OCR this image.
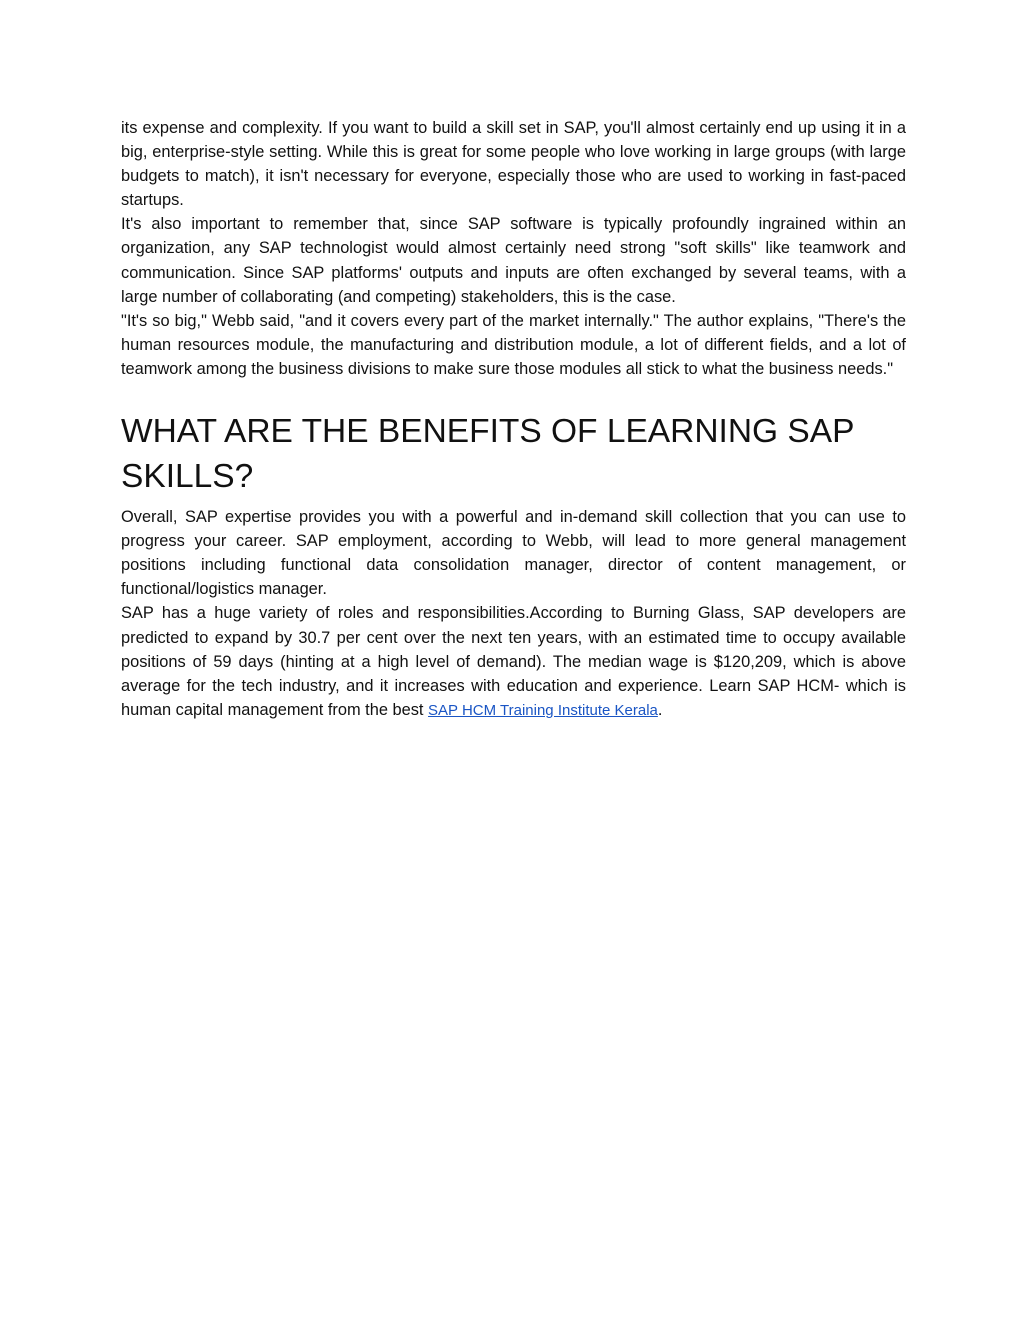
its expense and complexity. If you want to build a skill set in SAP, you'll almost certainly end up using it in a big, enterprise-style setting. While this is great for some people who love working in large groups (with large budgets to match), it isn't necessary for everyone, especially those who are used to working in fast-paced startups.

It's also important to remember that, since SAP software is typically profoundly ingrained within an organization, any SAP technologist would almost certainly need strong "soft skills" like teamwork and communication. Since SAP platforms' outputs and inputs are often exchanged by several teams, with a large number of collaborating (and competing) stakeholders, this is the case.

"It's so big," Webb said, "and it covers every part of the market internally." The author explains, "There's the human resources module, the manufacturing and distribution module, a lot of different fields, and a lot of teamwork among the business divisions to make sure those modules all stick to what the business needs."

WHAT ARE THE BENEFITS OF LEARNING SAP SKILLS?

Overall, SAP expertise provides you with a powerful and in-demand skill collection that you can use to progress your career. SAP employment, according to Webb, will lead to more general management positions including functional data consolidation manager, director of content management, or functional/logistics manager.

SAP has a huge variety of roles and responsibilities.According to Burning Glass, SAP developers are predicted to expand by 30.7 per cent over the next ten years, with an estimated time to occupy available positions of 59 days (hinting at a high level of demand). The median wage is $120,209, which is above average for the tech industry, and it increases with education and experience. Learn SAP HCM- which is human capital management from the best SAP HCM Training Institute Kerala.
